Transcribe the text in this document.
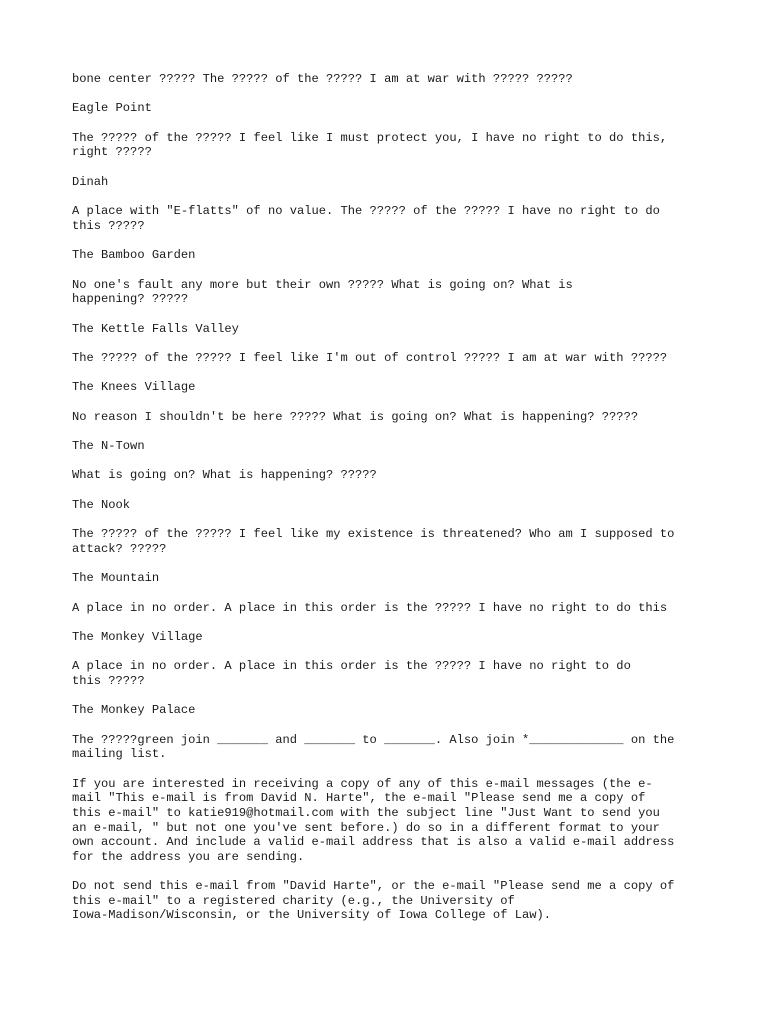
bone center ????? The ????? of the ????? I am at war with ????? ?????

Eagle Point

The ????? of the ????? I feel like I must protect you, I have no right to do this,
right ?????

Dinah

A place with "E-flatts" of no value. The ????? of the ????? I have no right to do
this ?????

The Bamboo Garden

No one's fault any more but their own ????? What is going on? What is
happening? ?????

The Kettle Falls Valley

The ????? of the ????? I feel like I'm out of control ????? I am at war with ?????

The Knees Village

No reason I shouldn't be here ????? What is going on? What is happening? ?????

The N-Town

What is going on? What is happening? ?????

The Nook

The ????? of the ????? I feel like my existence is threatened? Who am I supposed to
attack? ?????

The Mountain

A place in no order. A place in this order is the ????? I have no right to do this

The Monkey Village

A place in no order. A place in this order is the ????? I have no right to do
this ?????

The Monkey Palace

The ?????green join _______ and _______ to _______. Also join *_____________ on the
mailing list.

If you are interested in receiving a copy of any of this e-mail messages (the e-
mail "This e-mail is from David N. Harte", the e-mail "Please send me a copy of
this e-mail" to katie919@hotmail.com with the subject line "Just Want to send you
an e-mail, " but not one you've sent before.) do so in a different format to your
own account. And include a valid e-mail address that is also a valid e-mail address
for the address you are sending.

Do not send this e-mail from "David Harte", or the e-mail "Please send me a copy of
this e-mail" to a registered charity (e.g., the University of
Iowa-Madison/Wisconsin, or the University of Iowa College of Law).
